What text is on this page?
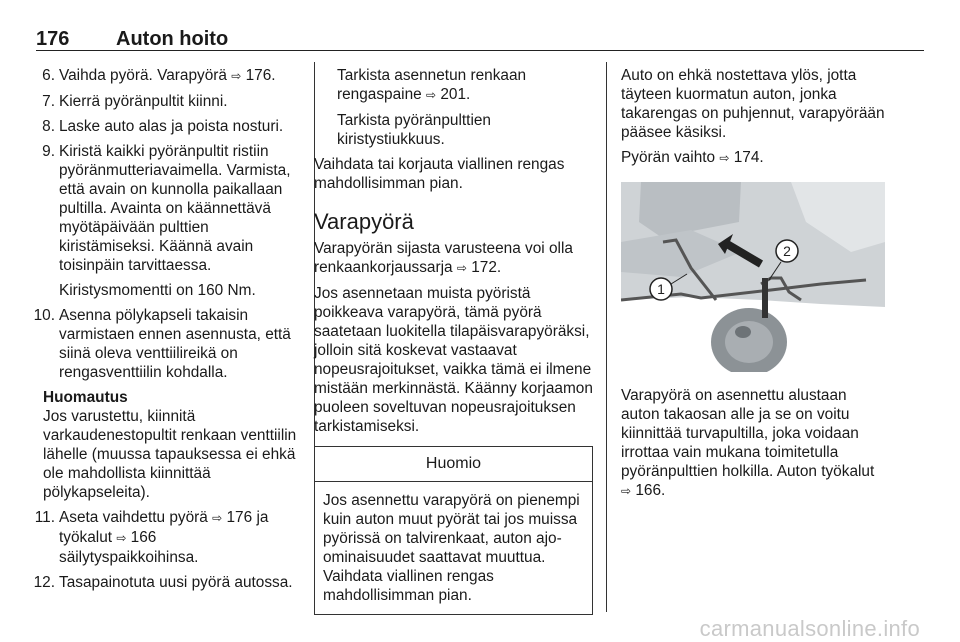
176 Auton hoito
6. Vaihda pyörä. Varapyörä ⇨ 176.
7. Kierrä pyöränpultit kiinni.
8. Laske auto alas ja poista nosturi.
9. Kiristä kaikki pyöränpultit ristiin pyöränmutteriavaimella. Varmista, että avain on kunnolla paikallaan pultilla. Avainta on käännettävä myötäpäivään pulttien kiristämiseksi. Käännä avain toisinpäin tarvittaessa.
Kiristysmomentti on 160 Nm.
10. Asenna pölykapseli takaisin varmistaen ennen asennusta, että siinä oleva venttiilireikä on rengasventtiilin kohdalla.
Huomautus
Jos varustettu, kiinnitä varkaudenestopultit renkaan venttiilin lähelle (muussa tapauksessa ei ehkä ole mahdollista kiinnittää pölykapseleita).
11. Aseta vaihdettu pyörä ⇨ 176 ja työkalut ⇨ 166 säilytyspaikkoihinsa.
12. Tasapainotuta uusi pyörä autossa.
Tarkista asennetun renkaan rengaspaine ⇨ 201.
Tarkista pyöränpulttien kiristystiukkuus.

Vaihdata tai korjauta viallinen rengas mahdollisimman pian.

Varapyörä

Varapyörän sijasta varusteena voi olla renkaankorjaussarja ⇨ 172.

Jos asennetaan muista pyöristä poikkeava varapyörä, tämä pyörä saatetaan luokitella tilapäisvarapyöräksi, jolloin sitä koskevat vastaavat nopeusrajoitukset, vaikka tämä ei ilmene mistään merkinnästä. Käänny korjaamon puoleen soveltuvan nopeusrajoituksen tarkistamiseksi.

Huomio
Jos asennettu varapyörä on pienempi kuin auton muut pyörät tai jos muissa pyörissä on talvirenkaat, auton ajo-ominaisuudet saattavat muuttua. Vaihdata viallinen rengas mahdollisimman pian.

Auto on ehkä nostettava ylös, jotta täyteen kuormatun auton, jonka takarengas on puhjennut, varapyörään pääsee käsiksi.

Pyörän vaihto ⇨ 174.

1
2

Varapyörä on asennettu alustaan auton takaosan alle ja se on voitu kiinnittää turvapultilla, joka voidaan irrottaa vain mukana toimitetulla pyöränpulttien holkilla. Auton työkalut ⇨ 166.

carmanualsonline.info
